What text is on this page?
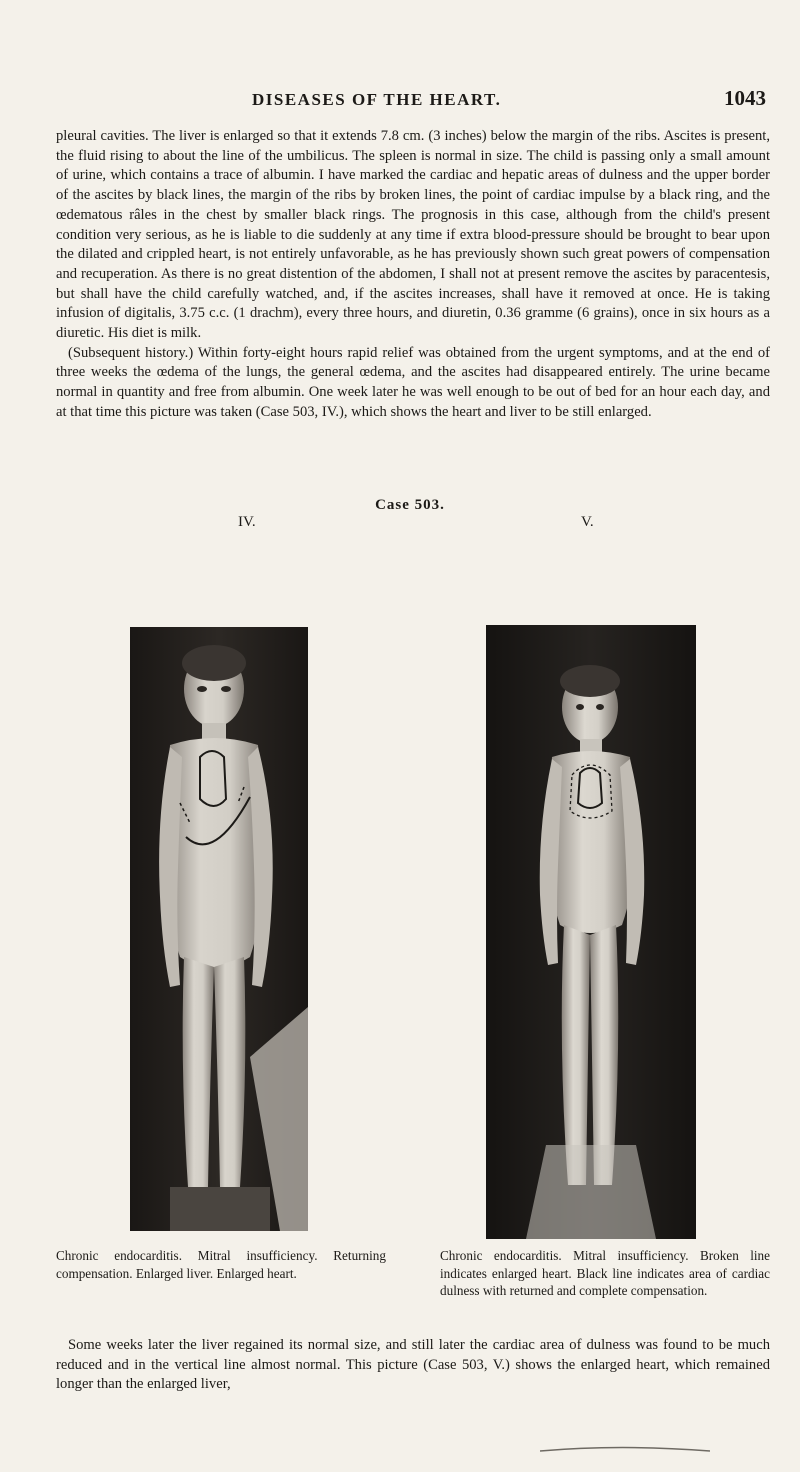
DISEASES OF THE HEART.	1043

pleural cavities. The liver is enlarged so that it extends 7.8 cm. (3 inches) below the margin of the ribs. Ascites is present, the fluid rising to about the line of the umbilicus. The spleen is normal in size. The child is passing only a small amount of urine, which contains a trace of albumin. I have marked the cardiac and hepatic areas of dulness and the upper border of the ascites by black lines, the margin of the ribs by broken lines, the point of cardiac impulse by a black ring, and the œdematous râles in the chest by smaller black rings. The prognosis in this case, although from the child's present condition very serious, as he is liable to die suddenly at any time if extra blood-pressure should be brought to bear upon the dilated and crippled heart, is not entirely unfavorable, as he has previously shown such great powers of compensation and recuperation. As there is no great distention of the abdomen, I shall not at present remove the ascites by paracentesis, but shall have the child carefully watched, and, if the ascites increases, shall have it removed at once. He is taking infusion of digitalis, 3.75 c.c. (1 drachm), every three hours, and diuretin, 0.36 gramme (6 grains), once in six hours as a diuretic. His diet is milk.

(Subsequent history.) Within forty-eight hours rapid relief was obtained from the urgent symptoms, and at the end of three weeks the œdema of the lungs, the general œdema, and the ascites had disappeared entirely. The urine became normal in quantity and free from albumin. One week later he was well enough to be out of bed for an hour each day, and at that time this picture was taken (Case 503, IV.), which shows the heart and liver to be still enlarged.

Case 503.
IV.	V.
Chronic endocarditis. Mitral insufficiency. Returning compensation. Enlarged liver. Enlarged heart.
Chronic endocarditis. Mitral insufficiency. Broken line indicates enlarged heart. Black line indicates area of cardiac dulness with returned and complete compensation.

Some weeks later the liver regained its normal size, and still later the cardiac area of dulness was found to be much reduced and in the vertical line almost normal. This picture (Case 503, V.) shows the enlarged heart, which remained longer than the enlarged liver,
